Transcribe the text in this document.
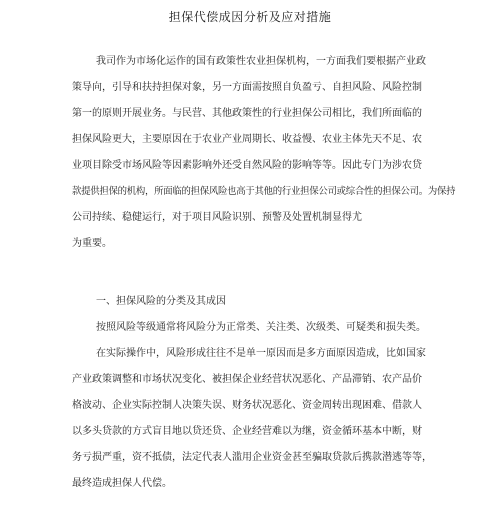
担保代偿成因分析及应对措施
我司作为市场化运作的国有政策性农业担保机构，一方面我们要根据产业政
策导向，引导和扶持担保对象，另一方面需按照自负盈亏、自担风险、风险控制
第一的原则开展业务。与民营、其他政策性的行业担保公司相比，我们所面临的
担保风险更大，主要原因在于农业产业周期长、收益慢、农业主体先天不足、农
业项目除受市场风险等因素影响外还受自然风险的影响等等。因此专门为涉农贷
款提供担保的机构，所面临的担保风险也高于其他的行业担保公司或综合性的担保公司。为保持
公司持续、稳健运行，对于项目风险识别、预警及处置机制显得尤
为重要。
一、担保风险的分类及其成因
按照风险等级通常将风险分为正常类、关注类、次级类、可疑类和损失类。
在实际操作中，风险形成往往不是单一原因而是多方面原因造成，比如国家
产业政策调整和市场状况变化、被担保企业经营状况恶化、产品滞销、农产品价
格波动、企业实际控制人决策失误、财务状况恶化、资金周转出现困难、借款人
以多头贷款的方式盲目地以贷还贷、企业经营难以为继，资金循环基本中断，财
务亏损严重，资不抵债，法定代表人滥用企业资金甚至骗取贷款后携款潜逃等等，
最终造成担保人代偿。
